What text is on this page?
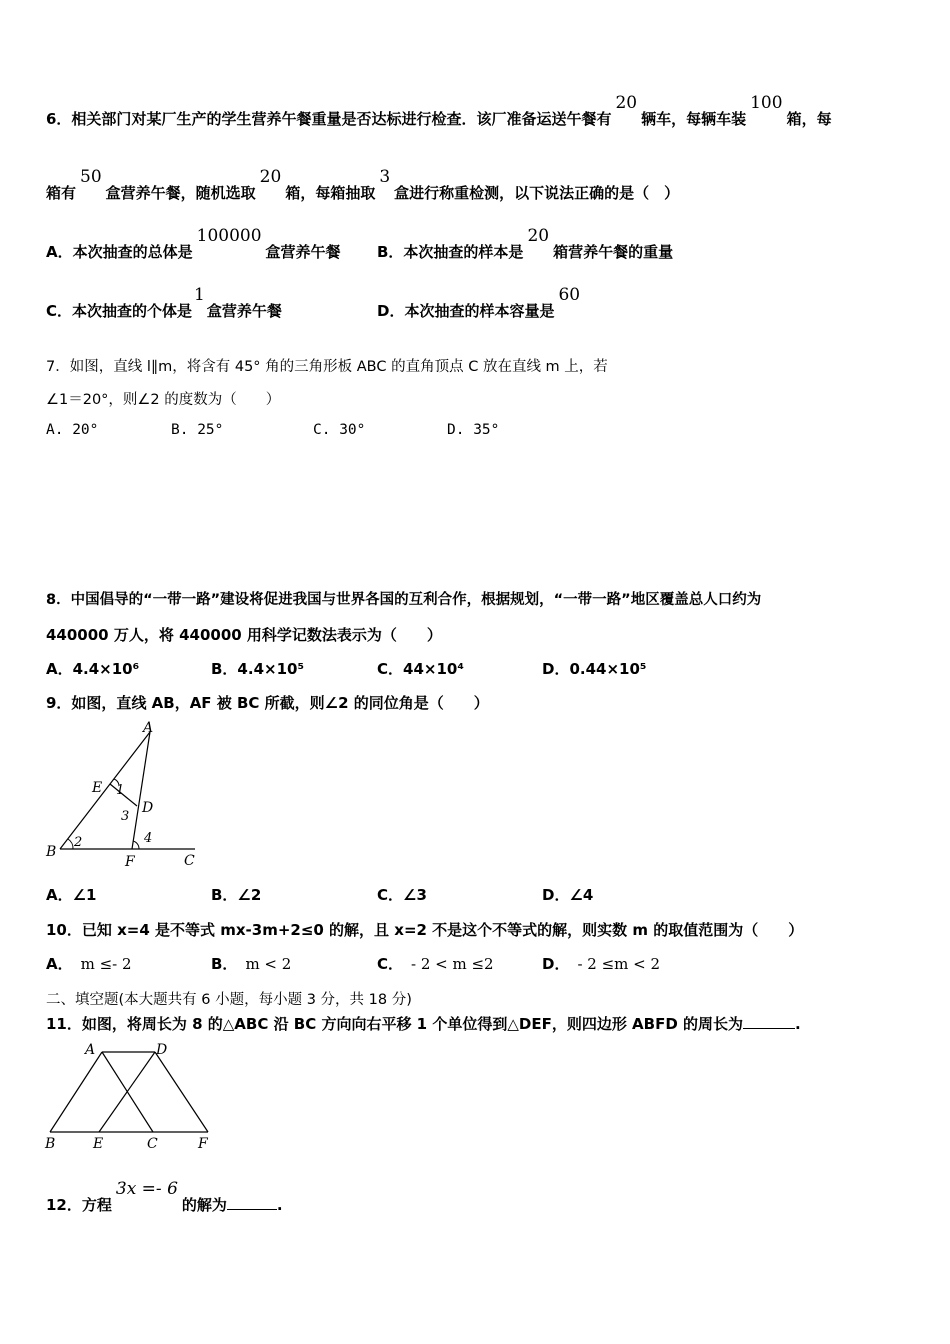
6．相关部门对某厂生产的学生营养午餐重量是否达标进行检查．该厂准备运送午餐有20辆车，每辆车装100箱，每
箱有50盒营养午餐，随机选取20箱，每箱抽取3盒进行称重检测，以下说法正确的是（　）
A．本次抽查的总体是100000盒营养午餐 B．本次抽查的样本是20箱营养午餐的重量
C．本次抽查的个体是1盒营养午餐	D．本次抽查的样本容量是60
7．如图，直线 l∥m，将含有 45° 角的三角形板 ABC 的直角顶点 C 放在直线 m 上，若
∠1＝20°，则∠2 的度数为（　　）
A. 20°	B. 25°	C. 30°	D. 35°
8．中国倡导的“一带一路”建设将促进我国与世界各国的互利合作，根据规划，“一带一路”地区覆盖总人口约为
440000 万人，将 440000 用科学记数法表示为（　　）
A．4.4×10⁶	B．4.4×10⁵	C．44×10⁴	D．0.44×10⁵
9．如图，直线 AB，AF 被 BC 所截，则∠2 的同位角是（　　）
A
E 1
D
3
4
2
B
F	C
A．∠1	B．∠2	C．∠3	D．∠4
10．已知 x=4 是不等式 mx-3m+2≤0 的解，且 x=2 不是这个不等式的解，则实数 m 的取值范围为（　　）
A． m ≤- 2	B． m < 2	C． - 2 < m ≤2	D． - 2 ≤m < 2
二、填空题(本大题共有 6 小题，每小题 3 分，共 18 分)
11．如图，将周长为 8 的△ABC 沿 BC 方向向右平移 1 个单位得到△DEF，则四边形 ABFD 的周长为	.
A	D
B	E	C	F
12．方程3x =- 6的解为	.
